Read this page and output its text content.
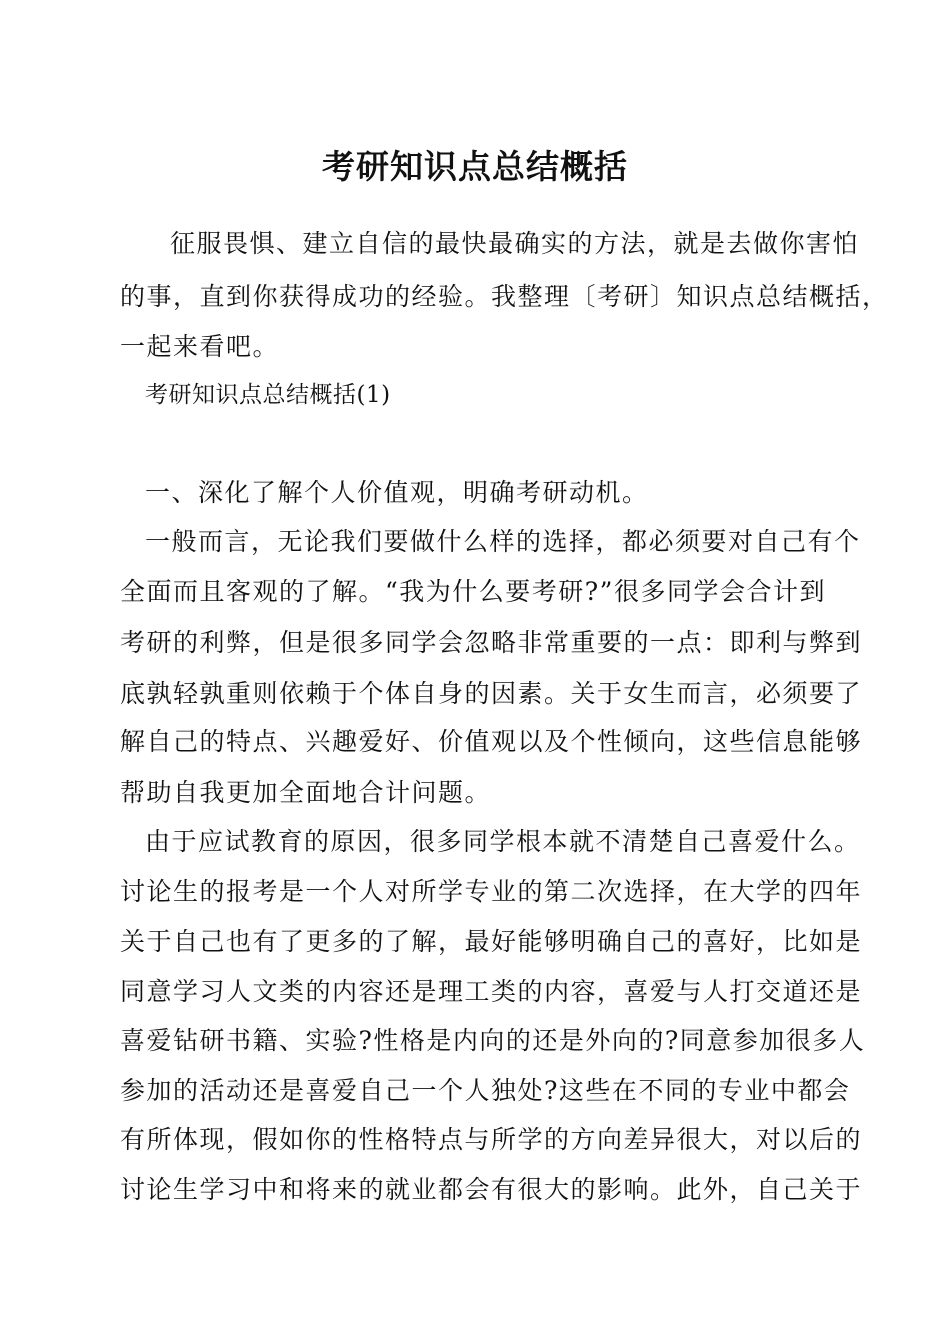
考研知识点总结概括
征服畏惧、建立自信的最快最确实的方法，就是去做你害怕
的事，直到你获得成功的经验。我整理〔考研〕知识点总结概括，
一起来看吧。
考研知识点总结概括(1)
一、深化了解个人价值观，明确考研动机。
一般而言，无论我们要做什么样的选择，都必须要对自己有个
全面而且客观的了解。“我为什么要考研?”很多同学会合计到
考研的利弊，但是很多同学会忽略非常重要的一点：即利与弊到
底孰轻孰重则依赖于个体自身的因素。关于女生而言，必须要了
解自己的特点、兴趣爱好、价值观以及个性倾向，这些信息能够
帮助自我更加全面地合计问题。
由于应试教育的原因，很多同学根本就不清楚自己喜爱什么。
讨论生的报考是一个人对所学专业的第二次选择，在大学的四年
关于自己也有了更多的了解，最好能够明确自己的喜好，比如是
同意学习人文类的内容还是理工类的内容，喜爱与人打交道还是
喜爱钻研书籍、实验?性格是内向的还是外向的?同意参加很多人
参加的活动还是喜爱自己一个人独处?这些在不同的专业中都会
有所体现，假如你的性格特点与所学的方向差异很大，对以后的
讨论生学习中和将来的就业都会有很大的影响。此外，自己关于
